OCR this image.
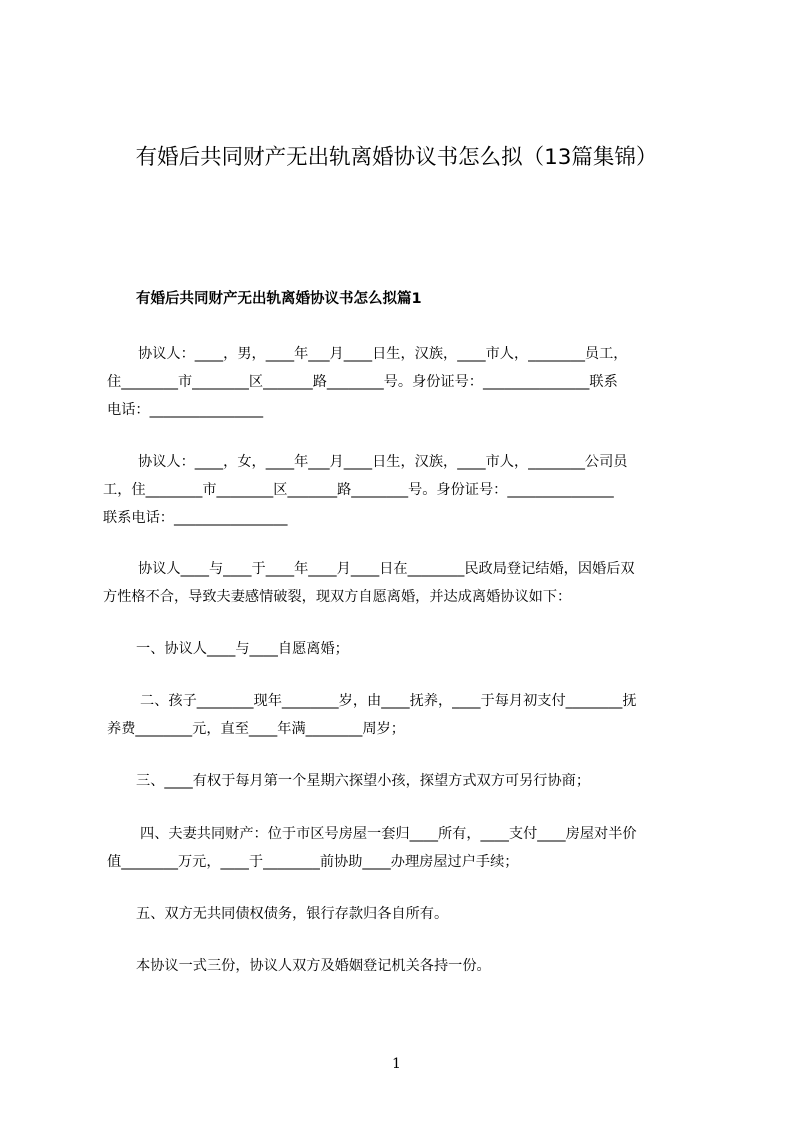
有婚后共同财产无出轨离婚协议书怎么拟（13篇集锦）
有婚后共同财产无出轨离婚协议书怎么拟篇1

协议人：____，男，____年___月____日生，汉族，____市人，________员工，

住________市________区_______路________号。身份证号：_______________联系

电话：________________

协议人：____，女，____年___月____日生，汉族，____市人，________公司员

工，住________市________区_______路________号。身份证号：_______________

联系电话：________________

协议人____与____于____年____月____日在________民政局登记结婚，因婚后双

方性格不合，导致夫妻感情破裂，现双方自愿离婚，并达成离婚协议如下：

一、协议人____与____自愿离婚；

二、孩子________现年________岁，由____抚养，____于每月初支付________抚

养费________元，直至____年满________周岁；

三、____有权于每月第一个星期六探望小孩，探望方式双方可另行协商；

四、夫妻共同财产：位于市区号房屋一套归____所有，____支付____房屋对半价

值________万元，____于________前协助____办理房屋过户手续；

五、双方无共同债权债务，银行存款归各自所有。

本协议一式三份，协议人双方及婚姻登记机关各持一份。

1
